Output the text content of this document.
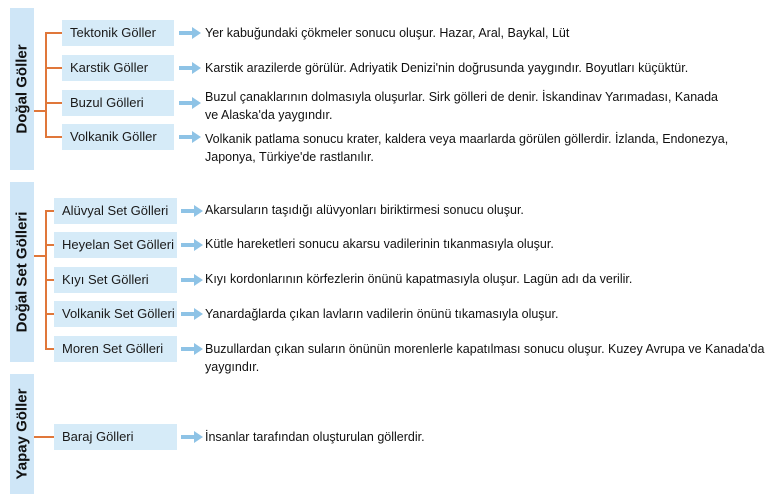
Doğal Göller
Doğal Set Gölleri
Yapay Göller
Tektonik Göller
Karstik Göller
Buzul Gölleri
Volkanik Göller
Alüvyal Set Gölleri
Heyelan Set Gölleri
Kıyı Set Gölleri
Volkanik Set Gölleri
Moren Set Gölleri
Baraj Gölleri
Yer kabuğundaki çökmeler sonucu oluşur. Hazar, Aral, Baykal, Lüt
Karstik arazilerde görülür. Adriyatik Denizi'nin doğrusunda yaygındır. Boyutları küçüktür.
Buzul çanaklarının dolmasıyla oluşurlar. Sirk gölleri de denir. İskandinav Yarımadası, Kanada ve Alaska'da yaygındır.
Volkanik patlama sonucu krater, kaldera veya maarlarda görülen göllerdir. İzlanda, Endonezya, Japonya, Türkiye'de rastlanılır.
Akarsuların taşıdığı alüvyonları biriktirmesi sonucu oluşur.
Kütle hareketleri sonucu akarsu vadilerinin tıkanmasıyla oluşur.
Kıyı kordonlarının körfezlerin önünü kapatmasıyla oluşur. Lagün adı da verilir.
Yanardağlarda çıkan lavların vadilerin önünü tıkamasıyla oluşur.
Buzullardan çıkan suların önünün morenlerle kapatılması sonucu oluşur. Kuzey Avrupa ve Kanada'da yaygındır.
İnsanlar tarafından oluşturulan göllerdir.
